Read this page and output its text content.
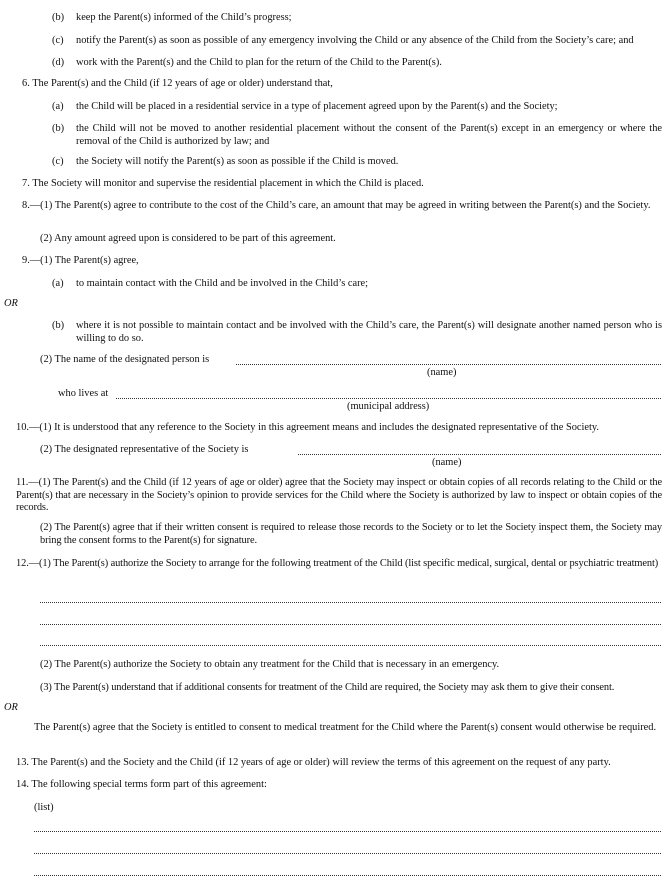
(b) keep the Parent(s) informed of the Child’s progress;
(c) notify the Parent(s) as soon as possible of any emergency involving the Child or any absence of the Child from the Society’s care; and
(d) work with the Parent(s) and the Child to plan for the return of the Child to the Parent(s).
6. The Parent(s) and the Child (if 12 years of age or older) understand that,
(a) the Child will be placed in a residential service in a type of placement agreed upon by the Parent(s) and the Society;
(b) the Child will not be moved to another residential placement without the consent of the Parent(s) except in an emergency or where the removal of the Child is authorized by law; and
(c) the Society will notify the Parent(s) as soon as possible if the Child is moved.
7. The Society will monitor and supervise the residential placement in which the Child is placed.
8.—(1) The Parent(s) agree to contribute to the cost of the Child’s care, an amount that may be agreed in writing between the Parent(s) and the Society.
(2) Any amount agreed upon is considered to be part of this agreement.
9.—(1) The Parent(s) agree,
(a) to maintain contact with the Child and be involved in the Child’s care;
OR
(b) where it is not possible to maintain contact and be involved with the Child’s care, the Parent(s) will designate another named person who is willing to do so.
(2) The name of the designated person is
(name)
who lives at
(municipal address)
10.—(1) It is understood that any reference to the Society in this agreement means and includes the designated representative of the Society.
(2) The designated representative of the Society is
(name)
11.—(1) The Parent(s) and the Child (if 12 years of age or older) agree that the Society may inspect or obtain copies of all records relating to the Child or the Parent(s) that are necessary in the Society’s opinion to provide services for the Child where the Society is authorized by law to inspect or obtain copies of the records.
(2) The Parent(s) agree that if their written consent is required to release those records to the Society or to let the Society inspect them, the Society may bring the consent forms to the Parent(s) for signature.
12.—(1) The Parent(s) authorize the Society to arrange for the following treatment of the Child (list specific medical, surgical, dental or psychiatric treatment)
(2) The Parent(s) authorize the Society to obtain any treatment for the Child that is necessary in an emergency.
(3) The Parent(s) understand that if additional consents for treatment of the Child are required, the Society may ask them to give their consent.
OR
The Parent(s) agree that the Society is entitled to consent to medical treatment for the Child where the Parent(s) consent would otherwise be required.
13. The Parent(s) and the Society and the Child (if 12 years of age or older) will review the terms of this agreement on the request of any party.
14. The following special terms form part of this agreement:
(list)
